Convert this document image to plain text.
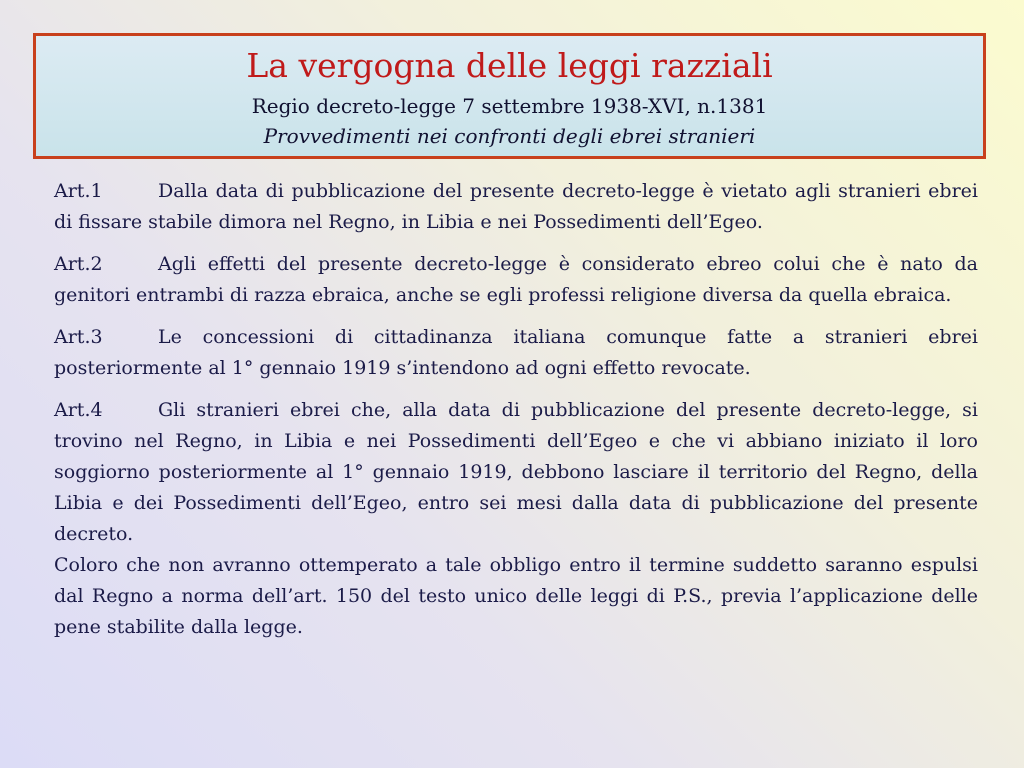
La vergogna delle leggi razziali
Regio decreto-legge 7 settembre 1938-XVI, n.1381
Provvedimenti nei confronti degli ebrei stranieri

Art.1	Dalla data di pubblicazione del presente decreto-legge è vietato agli stranieri ebrei di fissare stabile dimora nel Regno, in Libia e nei Possedimenti dell’Egeo.

Art.2	Agli effetti del presente decreto-legge è considerato ebreo colui che è nato da genitori entrambi di razza ebraica, anche se egli professi religione diversa da quella ebraica.

Art.3	Le concessioni di cittadinanza italiana comunque fatte a stranieri ebrei posteriormente al 1° gennaio 1919 s’intendono ad ogni effetto revocate.

Art.4	Gli stranieri ebrei che, alla data di pubblicazione del presente decreto-legge, si trovino nel Regno, in Libia e nei Possedimenti dell’Egeo e che vi abbiano iniziato il loro soggiorno posteriormente al 1° gennaio 1919, debbono lasciare il territorio del Regno, della Libia e dei Possedimenti dell’Egeo, entro sei mesi dalla data di pubblicazione del presente decreto.

Coloro che non avranno ottemperato a tale obbligo entro il termine suddetto saranno espulsi dal Regno a norma dell’art. 150 del testo unico delle leggi di P.S., previa l’applicazione delle pene stabilite dalla legge.
